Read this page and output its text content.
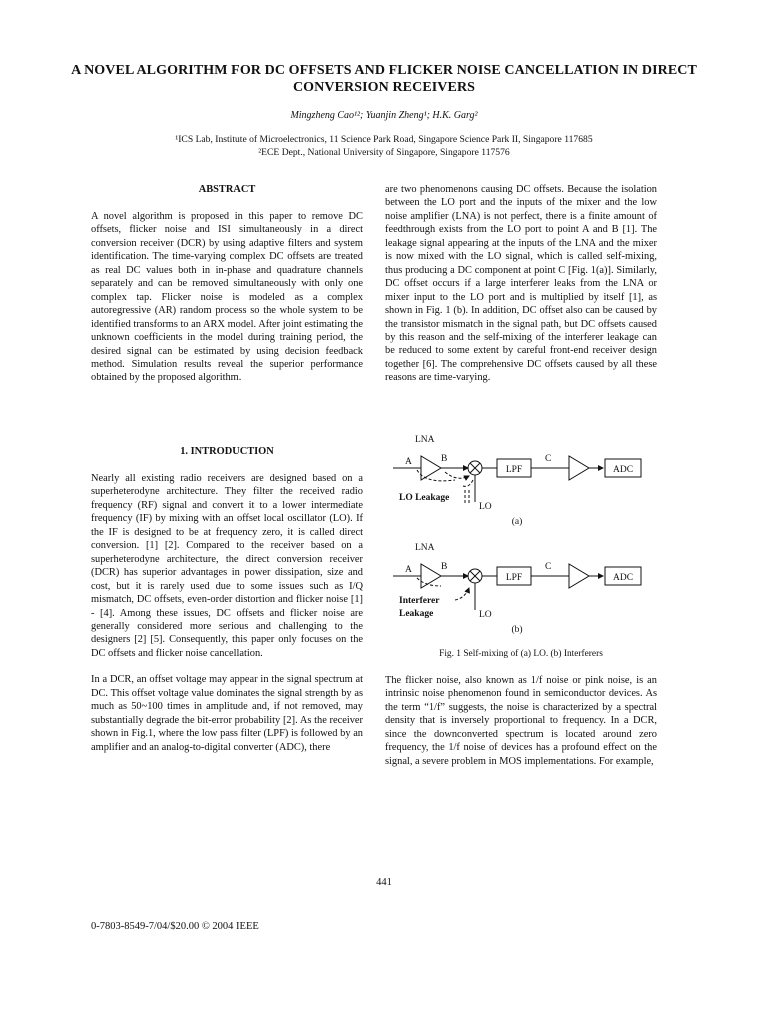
A NOVEL ALGORITHM FOR DC OFFSETS AND FLICKER NOISE CANCELLATION IN DIRECT CONVERSION RECEIVERS
Mingzheng Cao¹²; Yuanjin Zheng¹; H.K. Garg²
¹ICS Lab, Institute of Microelectronics, 11 Science Park Road, Singapore Science Park II, Singapore 117685
²ECE Dept., National University of Singapore, Singapore 117576
ABSTRACT

A novel algorithm is proposed in this paper to remove DC offsets, flicker noise and ISI simultaneously in a direct conversion receiver (DCR) by using adaptive filters and system identification. The time-varying complex DC offsets are treated as real DC values both in in-phase and quadrature channels separately and can be removed simultaneously with only one complex tap. Flicker noise is modeled as a complex autoregressive (AR) random process so the whole system to be identified transforms to an ARX model. After joint estimating the unknown coefficients in the model during training period, the desired signal can be estimated by using decision feedback method. Simulation results reveal the superior performance obtained by the proposed algorithm.

1. INTRODUCTION

Nearly all existing radio receivers are designed based on a superheterodyne architecture. They filter the received radio frequency (RF) signal and convert it to a lower intermediate frequency (IF) by mixing with an offset local oscillator (LO). If the IF is designed to be at frequency zero, it is called direct conversion. [1] [2]. Compared to the receiver based on a superheterodyne architecture, the direct conversion receiver (DCR) has superior advantages in power dissipation, size and cost, but it is rarely used due to some issues such as I/Q mismatch, DC offsets, even-order distortion and flicker noise [1] - [4]. Among these issues, DC offsets and flicker noise are generally considered more serious and challenging to the designers [2] [5]. Consequently, this paper only focuses on the DC offsets and flicker noise cancellation.

In a DCR, an offset voltage may appear in the signal spectrum at DC. This offset voltage value dominates the signal strength by as much as 50~100 times in amplitude and, if not removed, may substantially degrade the bit-error probability [2]. As the receiver shown in Fig.1, where the low pass filter (LPF) is followed by an amplifier and an analog-to-digital converter (ADC), there

are two phenomenons causing DC offsets. Because the isolation between the LO port and the inputs of the mixer and the low noise amplifier (LNA) is not perfect, there is a finite amount of feedthrough exists from the LO port to point A and B [1]. The leakage signal appearing at the inputs of the LNA and the mixer is now mixed with the LO signal, which is called self-mixing, thus producing a DC component at point C [Fig. 1(a)]. Similarly, DC offset occurs if a large interferer leaks from the LNA or mixer input to the LO port and is multiplied by itself [1], as shown in Fig. 1 (b). In addition, DC offset also can be caused by the transistor mismatch in the signal path, but DC offsets caused by this reason and the self-mixing of the interferer leakage can be reduced to some extent by careful front-end receiver design together [6]. The comprehensive DC offsets caused by all these reasons are time-varying.

LNA
A	B	C
LPF	ADC
LO
LO Leakage
(a)
LNA
A	B	C
LPF	ADC
LO
Interferer
Leakage
(b)
Fig. 1 Self-mixing of (a) LO. (b) Interferers

The flicker noise, also known as 1/f noise or pink noise, is an intrinsic noise phenomenon found in semiconductor devices. As the term “1/f” suggests, the noise is characterized by a spectral density that is inversely proportional to frequency. In a DCR, since the downconverted spectrum is located around zero frequency, the 1/f noise of devices has a profound effect on the signal, a severe problem in MOS implementations. For example,

441
0-7803-8549-7/04/$20.00 © 2004 IEEE
